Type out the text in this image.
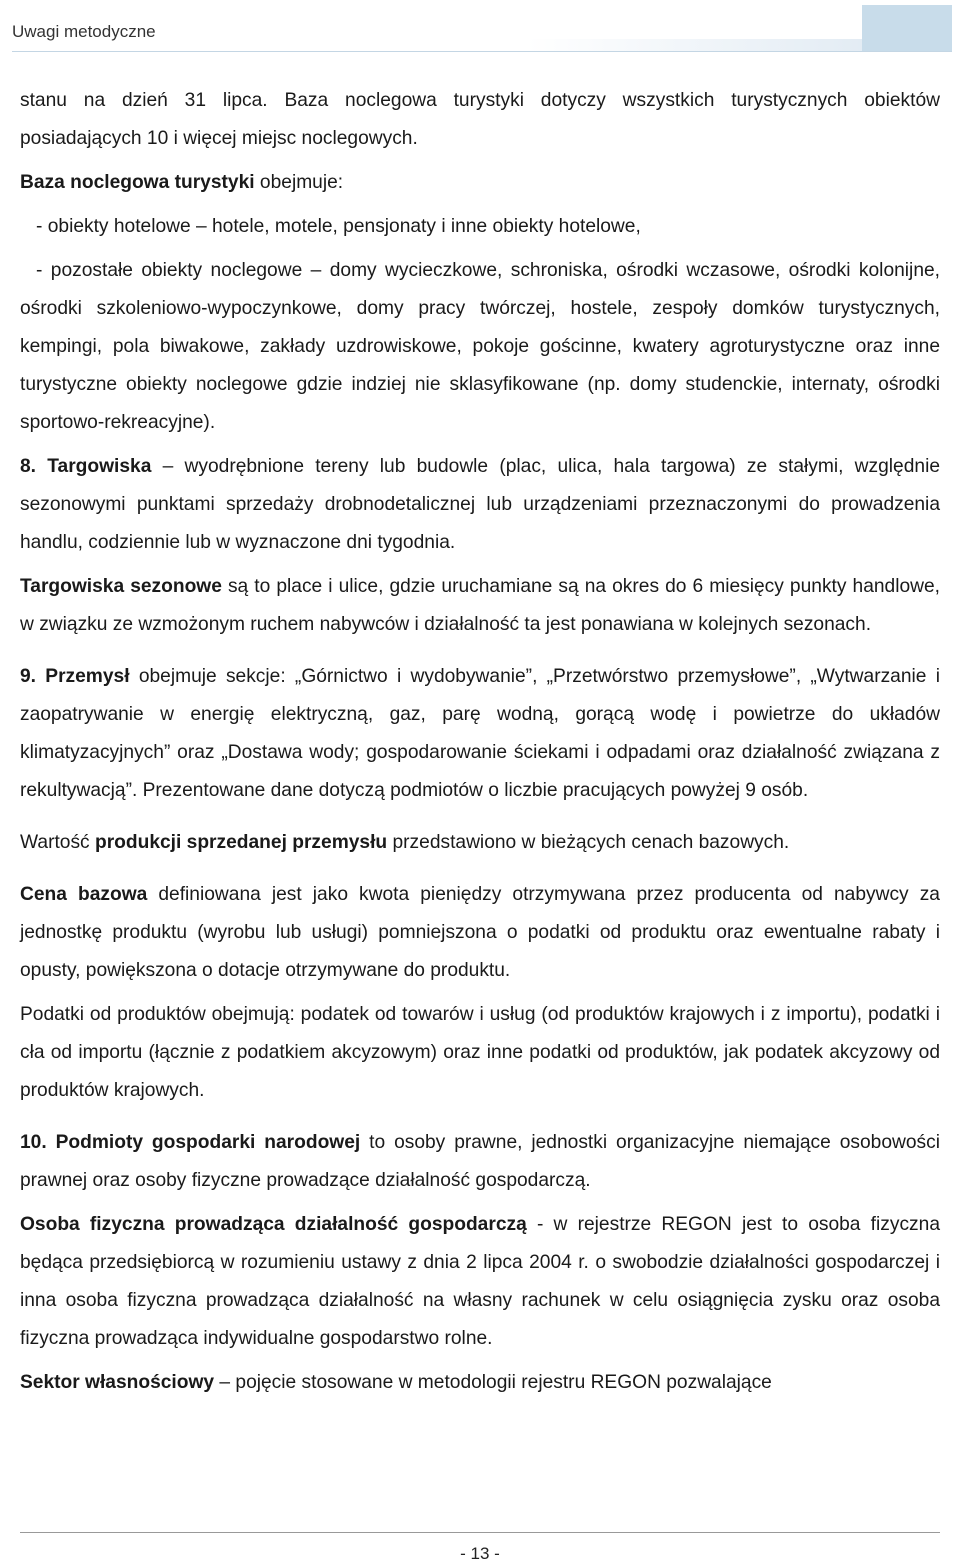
Uwagi metodyczne

stanu na dzień 31 lipca. Baza noclegowa turystyki dotyczy wszystkich turystycznych obiektów posiadających 10 i więcej miejsc noclegowych.

Baza noclegowa turystyki obejmuje:

- obiekty hotelowe – hotele, motele, pensjonaty i inne obiekty hotelowe,

- pozostałe obiekty noclegowe – domy wycieczkowe, schroniska, ośrodki wczasowe, ośrodki kolonijne, ośrodki szkoleniowo-wypoczynkowe, domy pracy twórczej, hostele, zespoły domków turystycznych, kempingi, pola biwakowe, zakłady uzdrowiskowe, pokoje gościnne, kwatery agroturystyczne oraz inne turystyczne obiekty noclegowe gdzie indziej nie sklasyfikowane (np. domy studenckie, internaty, ośrodki sportowo-rekreacyjne).

8. Targowiska – wyodrębnione tereny lub budowle (plac, ulica, hala targowa) ze stałymi, względnie sezonowymi punktami sprzedaży drobnodetalicznej lub urządzeniami przeznaczonymi do prowadzenia handlu, codziennie lub w wyznaczone dni tygodnia.

Targowiska sezonowe są to place i ulice, gdzie uruchamiane są na okres do 6 miesięcy punkty handlowe, w związku ze wzmożonym ruchem nabywców i działalność ta jest ponawiana w kolejnych sezonach.

9. Przemysł obejmuje sekcje: „Górnictwo i wydobywanie”, „Przetwórstwo przemysłowe”, „Wytwarzanie i zaopatrywanie w energię elektryczną, gaz, parę wodną, gorącą wodę i powietrze do układów klimatyzacyjnych” oraz „Dostawa wody; gospodarowanie ściekami i odpadami oraz działalność związana z rekultywacją”. Prezentowane dane dotyczą podmiotów o liczbie pracujących powyżej 9 osób.

Wartość produkcji sprzedanej przemysłu przedstawiono w bieżących cenach bazowych.

Cena bazowa definiowana jest jako kwota pieniędzy otrzymywana przez producenta od nabywcy za jednostkę produktu (wyrobu lub usługi) pomniejszona o podatki od produktu oraz ewentualne rabaty i opusty, powiększona o dotacje otrzymywane do produktu.

Podatki od produktów obejmują: podatek od towarów i usług (od produktów krajowych i z importu), podatki i cła od importu (łącznie z podatkiem akcyzowym) oraz inne podatki od produktów, jak podatek akcyzowy od produktów krajowych.

10. Podmioty gospodarki narodowej to osoby prawne, jednostki organizacyjne niemające osobowości prawnej oraz osoby fizyczne prowadzące działalność gospodarczą.

Osoba fizyczna prowadząca działalność gospodarczą - w rejestrze REGON jest to osoba fizyczna będąca przedsiębiorcą w rozumieniu ustawy z dnia 2 lipca 2004 r. o swobodzie działalności gospodarczej i inna osoba fizyczna prowadząca działalność na własny rachunek w celu osiągnięcia zysku oraz osoba fizyczna prowadząca indywidualne gospodarstwo rolne.

Sektor własnościowy – pojęcie stosowane w metodologii rejestru REGON pozwalające

- 13 -
